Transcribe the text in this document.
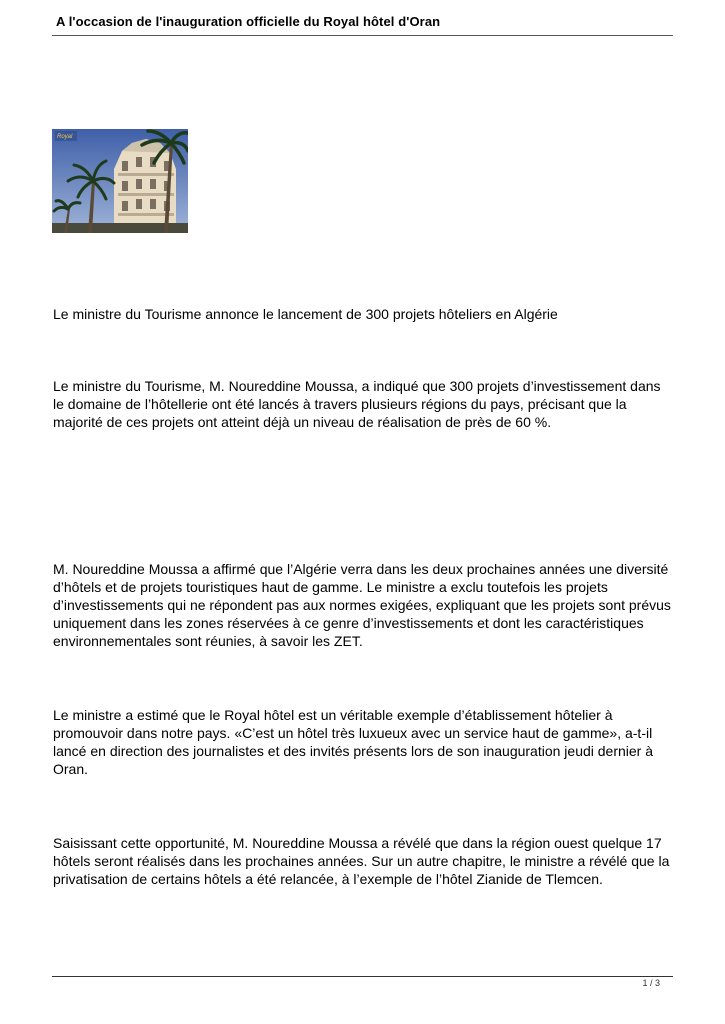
A l'occasion de l'inauguration officielle du Royal hôtel d'Oran
Royal

Le ministre du Tourisme annonce le lancement de 300 projets hôteliers en Algérie

Le ministre du Tourisme, M. Noureddine Moussa, a indiqué que 300 projets d’investissement dans le domaine de l’hôtellerie ont été lancés à travers plusieurs régions du pays, précisant que la majorité de ces projets ont atteint déjà un niveau de réalisation de près de 60 %.

M. Noureddine Moussa a affirmé que l’Algérie verra dans les deux prochaines années une diversité d’hôtels et de projets touristiques haut de gamme. Le ministre a exclu toutefois les projets d’investissements qui ne répondent pas aux normes exigées, expliquant que les projets sont prévus uniquement dans les zones réservées à ce genre d’investissements et dont les caractéristiques environnementales sont réunies, à savoir les ZET.

Le ministre a estimé que le Royal hôtel est un véritable exemple d’établissement hôtelier à promouvoir dans notre pays. «C’est un hôtel très luxueux avec un service haut de gamme», a-t-il lancé en direction des journalistes et des invités présents lors de son inauguration jeudi dernier à Oran.

Saisissant cette opportunité, M. Noureddine Moussa a révélé que dans la région ouest quelque 17 hôtels seront réalisés dans les prochaines années. Sur un autre chapitre, le ministre a révélé que la privatisation de certains hôtels a été relancée, à l’exemple de l’hôtel Zianide de Tlemcen.

1 / 3
